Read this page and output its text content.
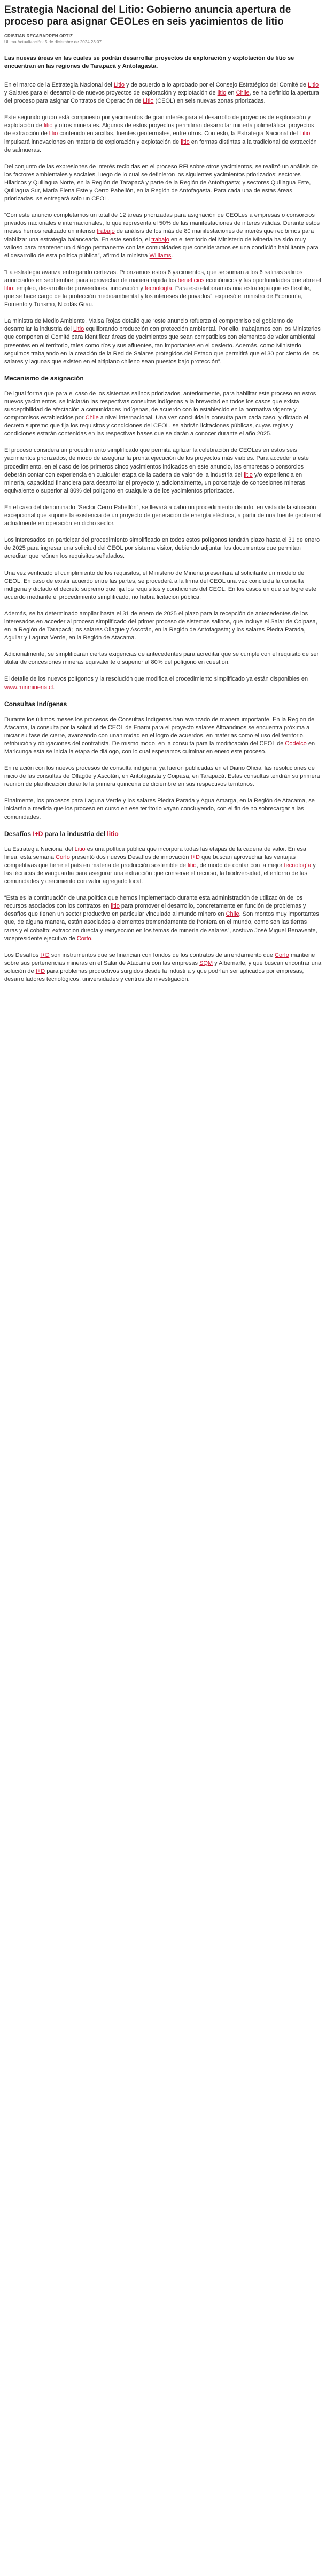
Estrategia Nacional del Litio: Gobierno anuncia apertura de proceso para asignar CEOLes en seis yacimientos de litio
CRISTIAN RECABARREN ORTIZ
Última Actualización: 5 de diciembre de 2024 23:07

Las nuevas áreas en las cuales se podrán desarrollar proyectos de exploración y explotación de litio se encuentran en las regiones de Tarapacá y Antofagasta.

En el marco de la Estrategia Nacional del Litio y de acuerdo a lo aprobado por el Consejo Estratégico del Comité de Litio y Salares para el desarrollo de nuevos proyectos de exploración y explotación de litio en Chile, se ha definido la apertura del proceso para asignar Contratos de Operación de Litio (CEOL) en seis nuevas zonas priorizadas.

Este segundo grupo está compuesto por yacimientos de gran interés para el desarrollo de proyectos de exploración y explotación de litio y otros minerales. Algunos de estos proyectos permitirán desarrollar minería polimetálica, proyectos de extracción de litio contenido en arcillas, fuentes geotermales, entre otros. Con esto, la Estrategia Nacional del Litio impulsará innovaciones en materia de exploración y explotación de litio en formas distintas a la tradicional de extracción de salmueras.

Del conjunto de las expresiones de interés recibidas en el proceso RFI sobre otros yacimientos, se realizó un análisis de los factores ambientales y sociales, luego de lo cual se definieron los siguientes yacimientos priorizados: sectores Hilaricos y Quillagua Norte, en la Región de Tarapacá y parte de la Región de Antofagasta; y sectores Quillagua Este, Quillagua Sur, María Elena Este y Cerro Pabellón, en la Región de Antofagasta. Para cada una de estas áreas priorizadas, se entregará solo un CEOL.

“Con este anuncio completamos un total de 12 áreas priorizadas para asignación de CEOLes a empresas o consorcios privados nacionales e internacionales, lo que representa el 50% de las manifestaciones de interés válidas. Durante estos meses hemos realizado un intenso trabajo de análisis de los más de 80 manifestaciones de interés que recibimos para viabilizar una estrategia balanceada. En este sentido, el trabajo en el territorio del Ministerio de Minería ha sido muy valioso para mantener un diálogo permanente con las comunidades que consideramos es una condición habilitante para el desarrollo de esta política pública”, afirmó la ministra Williams.

“La estrategia avanza entregando certezas. Priorizamos estos 6 yacimientos, que se suman a los 6 salinas salinos anunciados en septiembre, para aprovechar de manera rápida los beneficios económicos y las oportunidades que abre el litio: empleo, desarrollo de proveedores, innovación y tecnología. Para eso elaboramos una estrategia que es flexible, que se hace cargo de la protección medioambiental y los intereses de privados”, expresó el ministro de Economía, Fomento y Turismo, Nicolás Grau.

La ministra de Medio Ambiente, Maisa Rojas detalló que “este anuncio refuerza el compromiso del gobierno de desarrollar la industria del Litio equilibrando producción con protección ambiental. Por ello, trabajamos con los Ministerios que componen el Comité para identificar áreas de yacimientos que sean compatibles con elementos de valor ambiental presentes en el territorio, tales como ríos y sus afluentes, tan importantes en el desierto. Además, como Ministerio seguimos trabajando en la creación de la Red de Salares protegidos del Estado que permitirá que el 30 por ciento de los salares y lagunas que existen en el altiplano chileno sean puestos bajo protección”.

Mecanismo de asignación

De igual forma que para el caso de los sistemas salinos priorizados, anteriormente, para habilitar este proceso en estos nuevos yacimientos, se iniciarán las respectivas consultas indígenas a la brevedad en todos los casos que exista susceptibilidad de afectación a comunidades indígenas, de acuerdo con lo establecido en la normativa vigente y compromisos establecidos por Chile a nivel internacional. Una vez concluida la consulta para cada caso, y dictado el decreto supremo que fija los requisitos y condiciones del CEOL, se abrirán licitaciones públicas, cuyas reglas y condiciones estarán contenidas en las respectivas bases que se darán a conocer durante el año 2025.

El proceso considera un procedimiento simplificado que permita agilizar la celebración de CEOLes en estos seis yacimientos priorizados, de modo de asegurar la pronta ejecución de los proyectos más viables. Para acceder a este procedimiento, en el caso de los primeros cinco yacimientos indicados en este anuncio, las empresas o consorcios deberán contar con experiencia en cualquier etapa de la cadena de valor de la industria del litio y/o experiencia en minería, capacidad financiera para desarrollar el proyecto y, adicionalmente, un porcentaje de concesiones mineras equivalente o superior al 80% del polígono en cualquiera de los yacimientos priorizados.

En el caso del denominado “Sector Cerro Pabellón”, se llevará a cabo un procedimiento distinto, en vista de la situación excepcional que supone la existencia de un proyecto de generación de energía eléctrica, a partir de una fuente geotermal actualmente en operación en dicho sector.

Los interesados en participar del procedimiento simplificado en todos estos polígonos tendrán plazo hasta el 31 de enero de 2025 para ingresar una solicitud del CEOL por sistema visitor, debiendo adjuntar los documentos que permitan acreditar que reúnen los requisitos señalados.

Una vez verificado el cumplimiento de los requisitos, el Ministerio de Minería presentará al solicitante un modelo de CEOL. En caso de existir acuerdo entre las partes, se procederá a la firma del CEOL una vez concluida la consulta indígena y dictado el decreto supremo que fija los requisitos y condiciones del CEOL. En los casos en que se logre este acuerdo mediante el procedimiento simplificado, no habrá licitación pública.

Además, se ha determinado ampliar hasta el 31 de enero de 2025 el plazo para la recepción de antecedentes de los interesados en acceder al proceso simplificado del primer proceso de sistemas salinos, que incluye el Salar de Coipasa, en la Región de Tarapacá; los salares Ollagüe y Ascotán, en la Región de Antofagasta; y los salares Piedra Parada, Aguilar y Laguna Verde, en la Región de Atacama.

Adicionalmente, se simplificarán ciertas exigencias de antecedentes para acreditar que se cumple con el requisito de ser titular de concesiones mineras equivalente o superior al 80% del polígono en cuestión.

El detalle de los nuevos polígonos y la resolución que modifica el procedimiento simplificado ya están disponibles en www.minmineria.cl.

Consultas Indígenas

Durante los últimos meses los procesos de Consultas Indígenas han avanzado de manera importante. En la Región de Atacama, la consulta por la solicitud de CEOL de Enami para el proyecto salares Altoandinos se encuentra próxima a iniciar su fase de cierre, avanzando con unanimidad en el logro de acuerdos, en materias como el uso del territorio, retribución y obligaciones del contratista. De mismo modo, en la consulta para la modificación del CEOL de Codelco en Maricunga esta se inicia la etapa de diálogo, con lo cual esperamos culminar en enero este proceso.

En relación con los nuevos procesos de consulta indígena, ya fueron publicadas en el Diario Oficial las resoluciones de inicio de las consultas de Ollagüe y Ascotán, en Antofagasta y Coipasa, en Tarapacá. Estas consultas tendrán su primera reunión de planificación durante la primera quincena de diciembre en sus respectivos territorios.

Finalmente, los procesos para Laguna Verde y los salares Piedra Parada y Agua Amarga, en la Región de Atacama, se iniciarán a medida que los proceso en curso en ese territorio vayan concluyendo, con el fin de no sobrecargar a las comunidades.

Desafíos I+D para la industria del litio

La Estrategia Nacional del Litio es una política pública que incorpora todas las etapas de la cadena de valor. En esa línea, esta semana Corfo presentó dos nuevos Desafíos de innovación I+D que buscan aprovechar las ventajas competitivas que tiene el país en materia de producción sostenible de litio, de modo de contar con la mejor tecnología y las técnicas de vanguardia para asegurar una extracción que conserve el recurso, la biodiversidad, el entorno de las comunidades y crecimiento con valor agregado local.

“Esta es la continuación de una política que hemos implementado durante esta administración de utilización de los recursos asociados con los contratos en litio para promover el desarrollo, concretamente en función de problemas y desafíos que tienen un sector productivo en particular vinculado al mundo minero en Chile. Son montos muy importantes que, de alguna manera, están asociados a elementos tremendamente de frontera en el mundo, como son las tierras raras y el cobalto; extracción directa y reinyección en los temas de minería de salares”, sostuvo José Miguel Benavente, vicepresidente ejecutivo de Corfo.

Los Desafíos I+D son instrumentos que se financian con fondos de los contratos de arrendamiento que Corfo mantiene sobre sus pertenencias mineras en el Salar de Atacama con las empresas SQM y Albemarle, y que buscan encontrar una solución de I+D para problemas productivos surgidos desde la industria y que podrían ser aplicados por empresas, desarrolladores tecnológicos, universidades y centros de investigación.
